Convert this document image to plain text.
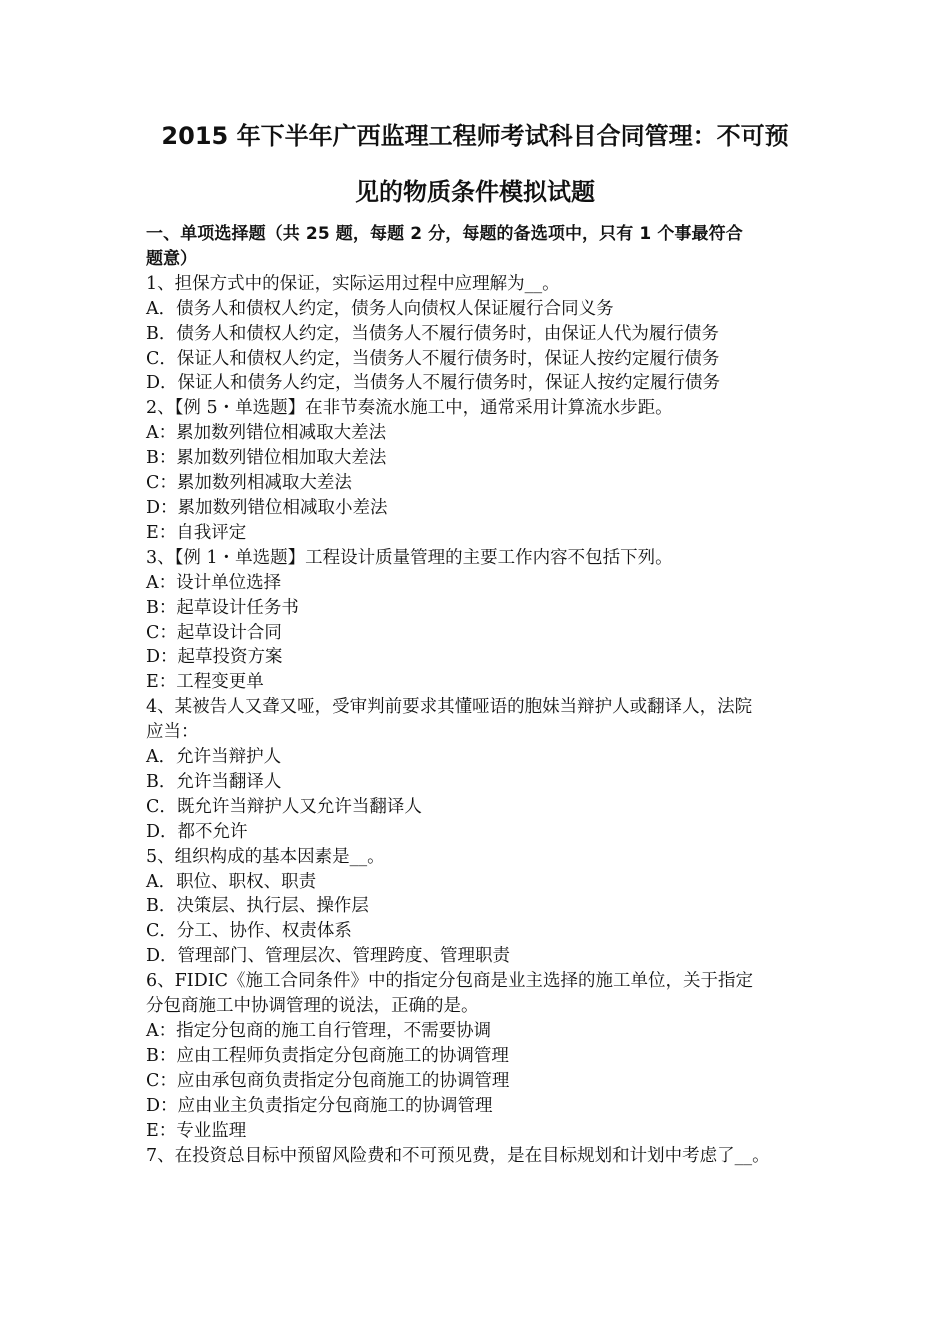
2015 年下半年广西监理工程师考试科目合同管理：不可预
见的物质条件模拟试题
一、单项选择题（共 25 题，每题 2 分，每题的备选项中，只有 1 个事最符合
题意）
1、担保方式中的保证，实际运用过程中应理解为__。
A．债务人和债权人约定，债务人向债权人保证履行合同义务
B．债务人和债权人约定，当债务人不履行债务时，由保证人代为履行债务
C．保证人和债权人约定，当债务人不履行债务时，保证人按约定履行债务
D．保证人和债务人约定，当债务人不履行债务时，保证人按约定履行债务
2、【例 5・单选题】在非节奏流水施工中，通常采用计算流水步距。
A：累加数列错位相减取大差法
B：累加数列错位相加取大差法
C：累加数列相减取大差法
D：累加数列错位相减取小差法
E：自我评定
3、【例 1・单选题】工程设计质量管理的主要工作内容不包括下列。
A：设计单位选择
B：起草设计任务书
C：起草设计合同
D：起草投资方案
E：工程变更单
4、某被告人又聋又哑，受审判前要求其懂哑语的胞妹当辩护人或翻译人，法院
应当：
A．允许当辩护人
B．允许当翻译人
C．既允许当辩护人又允许当翻译人
D．都不允许
5、组织构成的基本因素是__。
A．职位、职权、职责
B．决策层、执行层、操作层
C．分工、协作、权责体系
D．管理部门、管理层次、管理跨度、管理职责
6、FIDIC《施工合同条件》中的指定分包商是业主选择的施工单位，关于指定
分包商施工中协调管理的说法，正确的是。
A：指定分包商的施工自行管理，不需要协调
B：应由工程师负责指定分包商施工的协调管理
C：应由承包商负责指定分包商施工的协调管理
D：应由业主负责指定分包商施工的协调管理
E：专业监理
7、在投资总目标中预留风险费和不可预见费，是在目标规划和计划中考虑了__。
